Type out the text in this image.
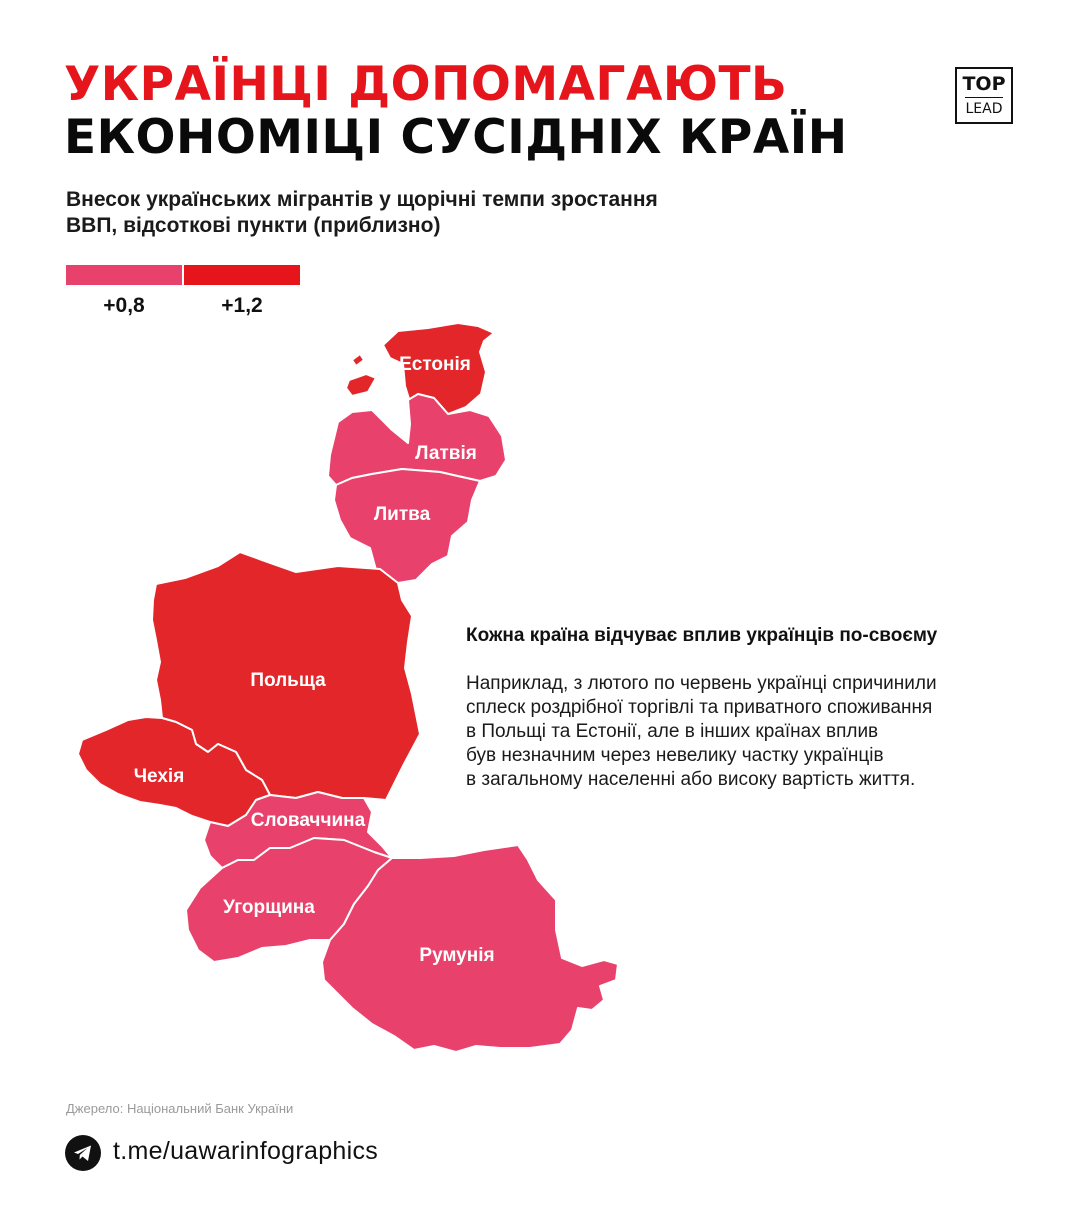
УКРАЇНЦІ ДОПОМАГАЮТЬ
ЕКОНОМІЦІ СУСІДНІХ КРАЇН
TOP
LEAD
Внесок українських мігрантів у щорічні темпи зростання
ВВП, відсоткові пункти (приблизно)
+0,8	+1,2
Естонія
Латвія
Литва
Польща
Чехія
Словаччина
Угорщина
Румунія
Кожна країна відчуває вплив українців по-своєму
Наприклад, з лютого по червень українці спричинили
сплеск роздрібної торгівлі та приватного споживання
в Польщі та Естонії, але в інших країнах вплив
був незначним через невелику частку українців
в загальному населенні або високу вартість життя.
Джерело: Національний Банк України
t.me/uawarinfographics
